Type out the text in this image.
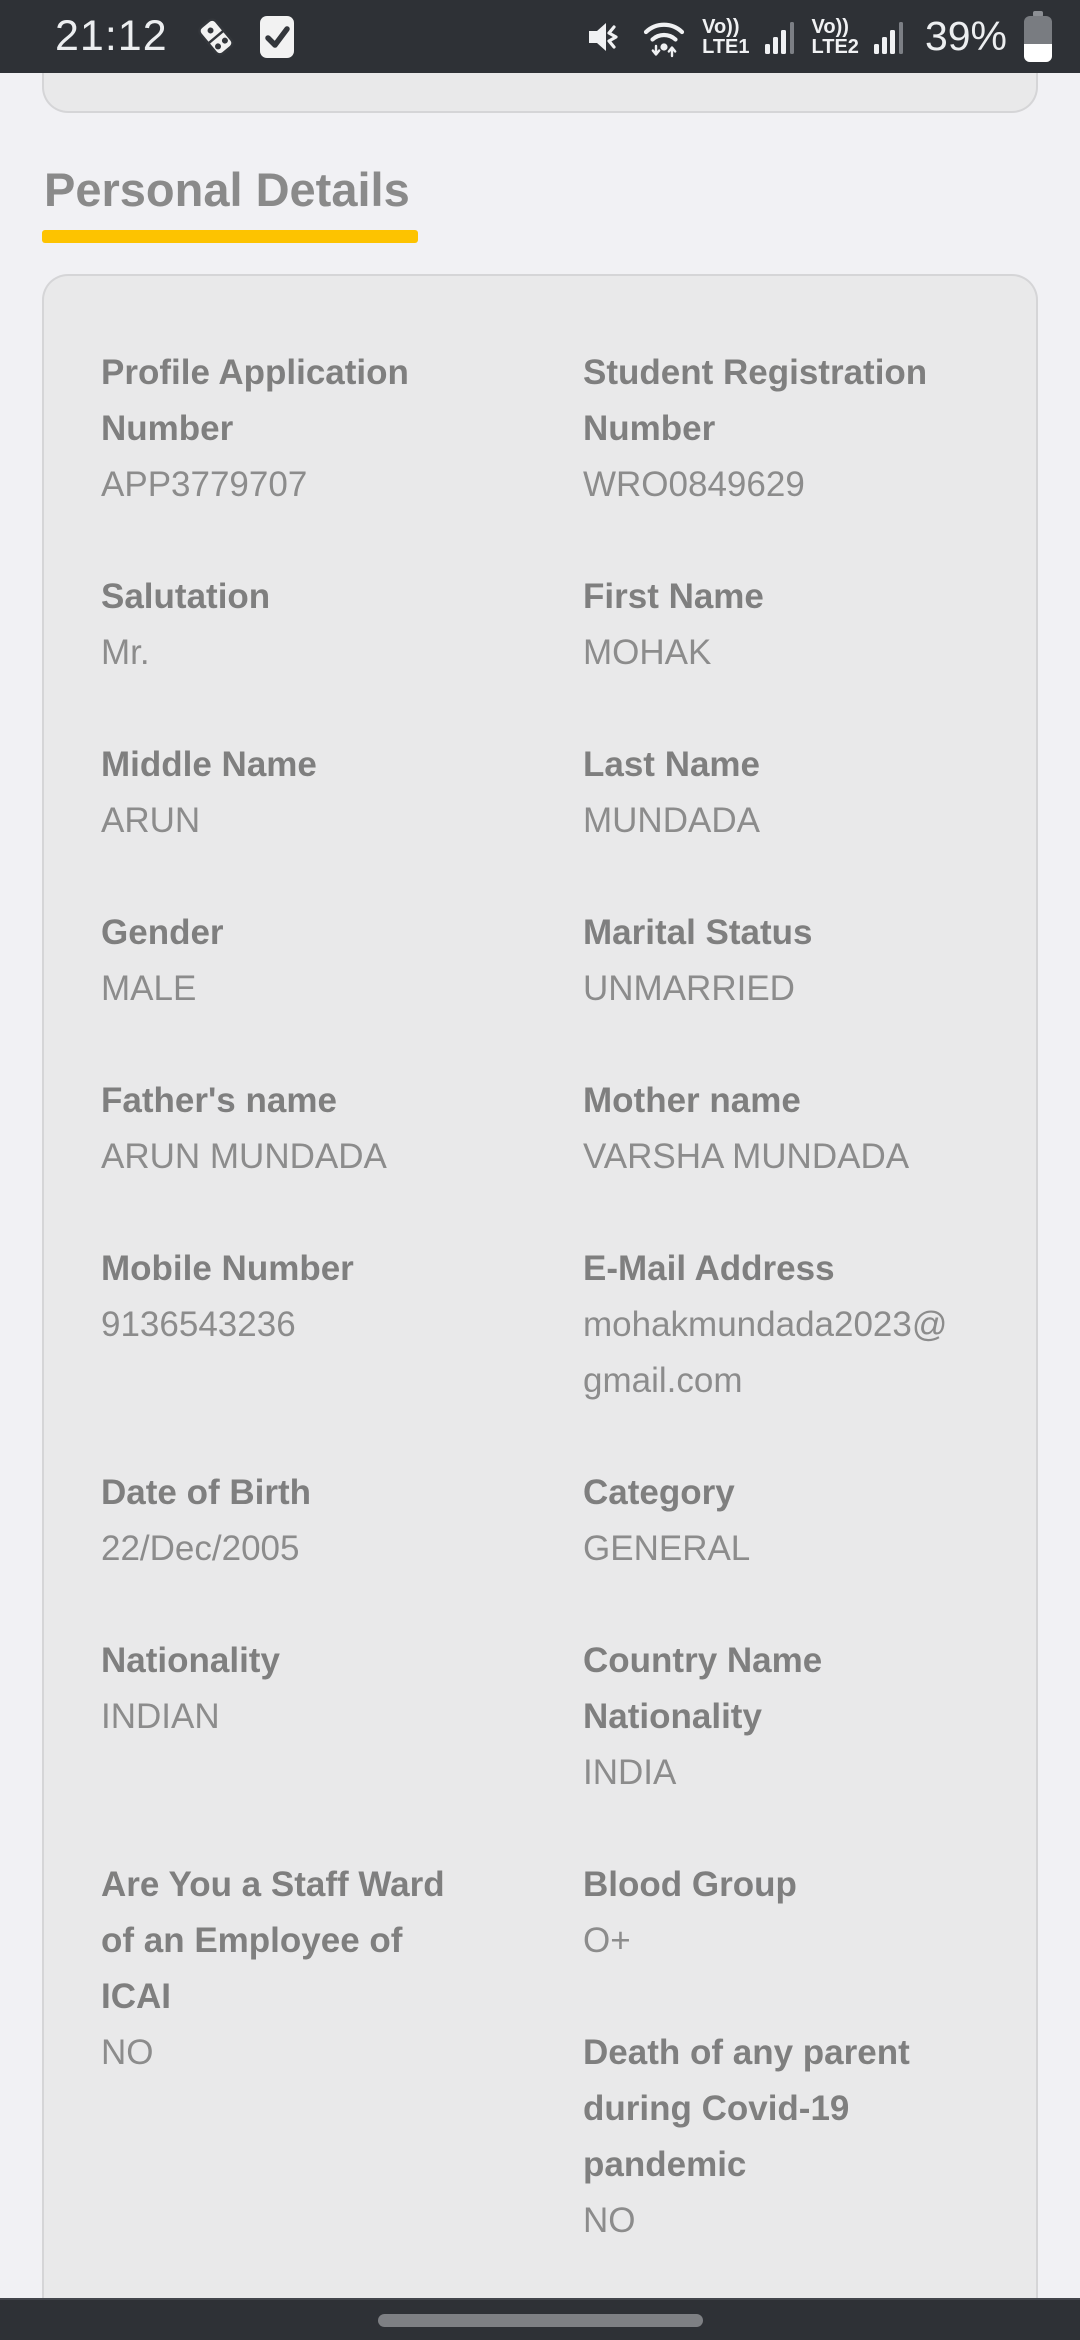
21:12	Vo))
LTE1
Vo))
LTE2 39%
Personal Details
Profile Application Number
APP3779707
Student Registration Number
WRO0849629
Salutation
Mr.
First Name
MOHAK
Middle Name
ARUN
Last Name
MUNDADA
Gender
MALE
Marital Status
UNMARRIED
Father's name
ARUN MUNDADA
Mother name
VARSHA MUNDADA
Mobile Number
9136543236
E-Mail Address
mohakmundada2023@gmail.com
Date of Birth
22/Dec/2005
Category
GENERAL
Nationality
INDIAN
Country Name Nationality
INDIA
Are You a Staff Ward of an Employee of ICAI
NO
Blood Group
O+
Death of any parent during Covid-19 pandemic
NO
